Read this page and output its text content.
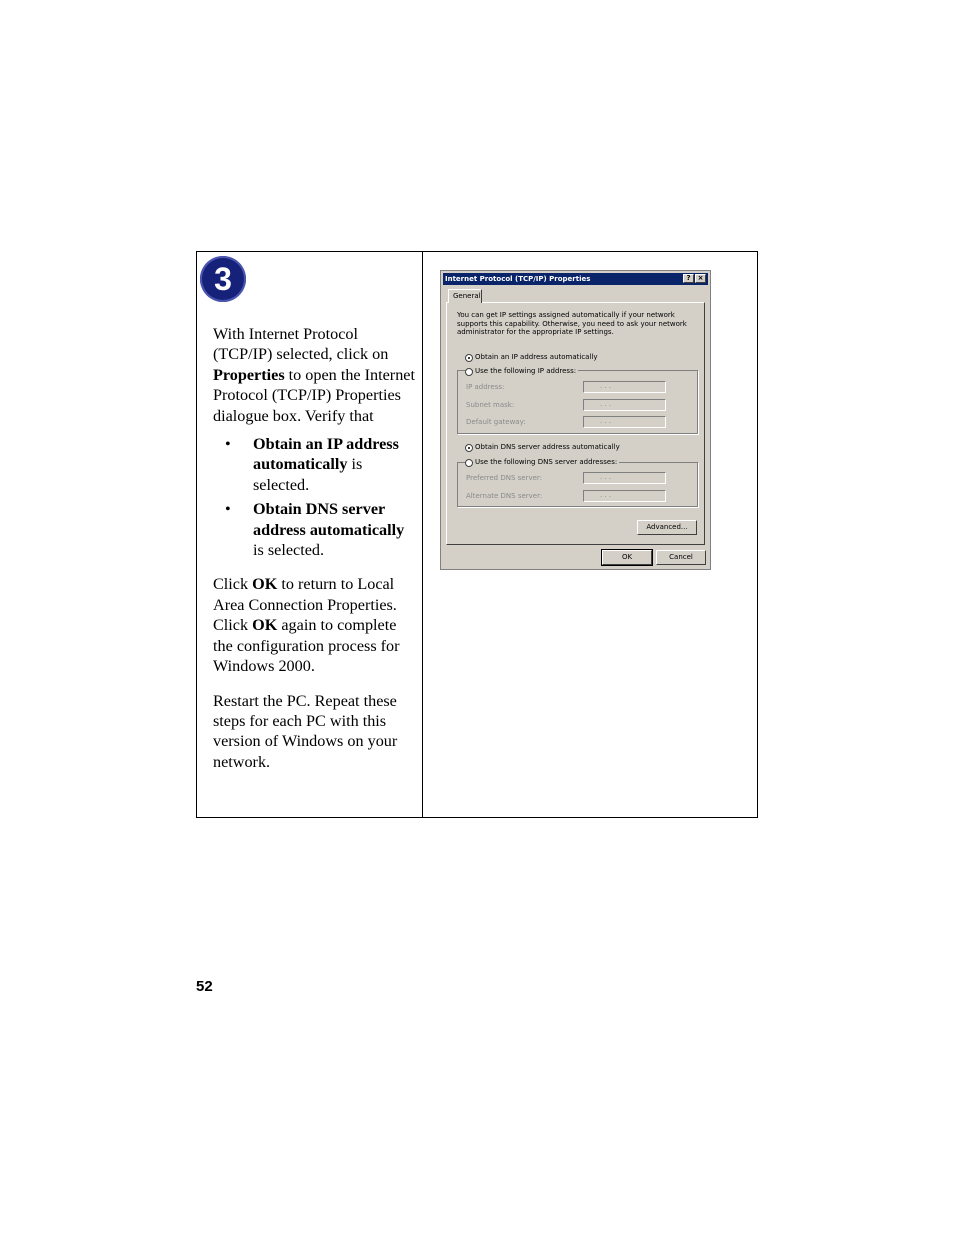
3

With Internet Protocol (TCP/IP) selected, click on Properties to open the Internet Protocol (TCP/IP) Properties dialogue box. Verify that

• Obtain an IP address automatically is selected.
• Obtain DNS server address automatically is selected.

Click OK to return to Local Area Connection Properties. Click OK again to complete the configuration process for Windows 2000.

Restart the PC. Repeat these steps for each PC with this version of Windows on your network.

Internet Protocol (TCP/IP) Properties	?	×
General
You can get IP settings assigned automatically if your network supports this capability. Otherwise, you need to ask your network administrator for the appropriate IP settings.
Obtain an IP address automatically
Use the following IP address:
IP address:	. . .
Subnet mask:	. . .
Default gateway:	. . .
Obtain DNS server address automatically
Use the following DNS server addresses:
Preferred DNS server:	. . .
Alternate DNS server:	. . .
Advanced...
OK	Cancel
52
